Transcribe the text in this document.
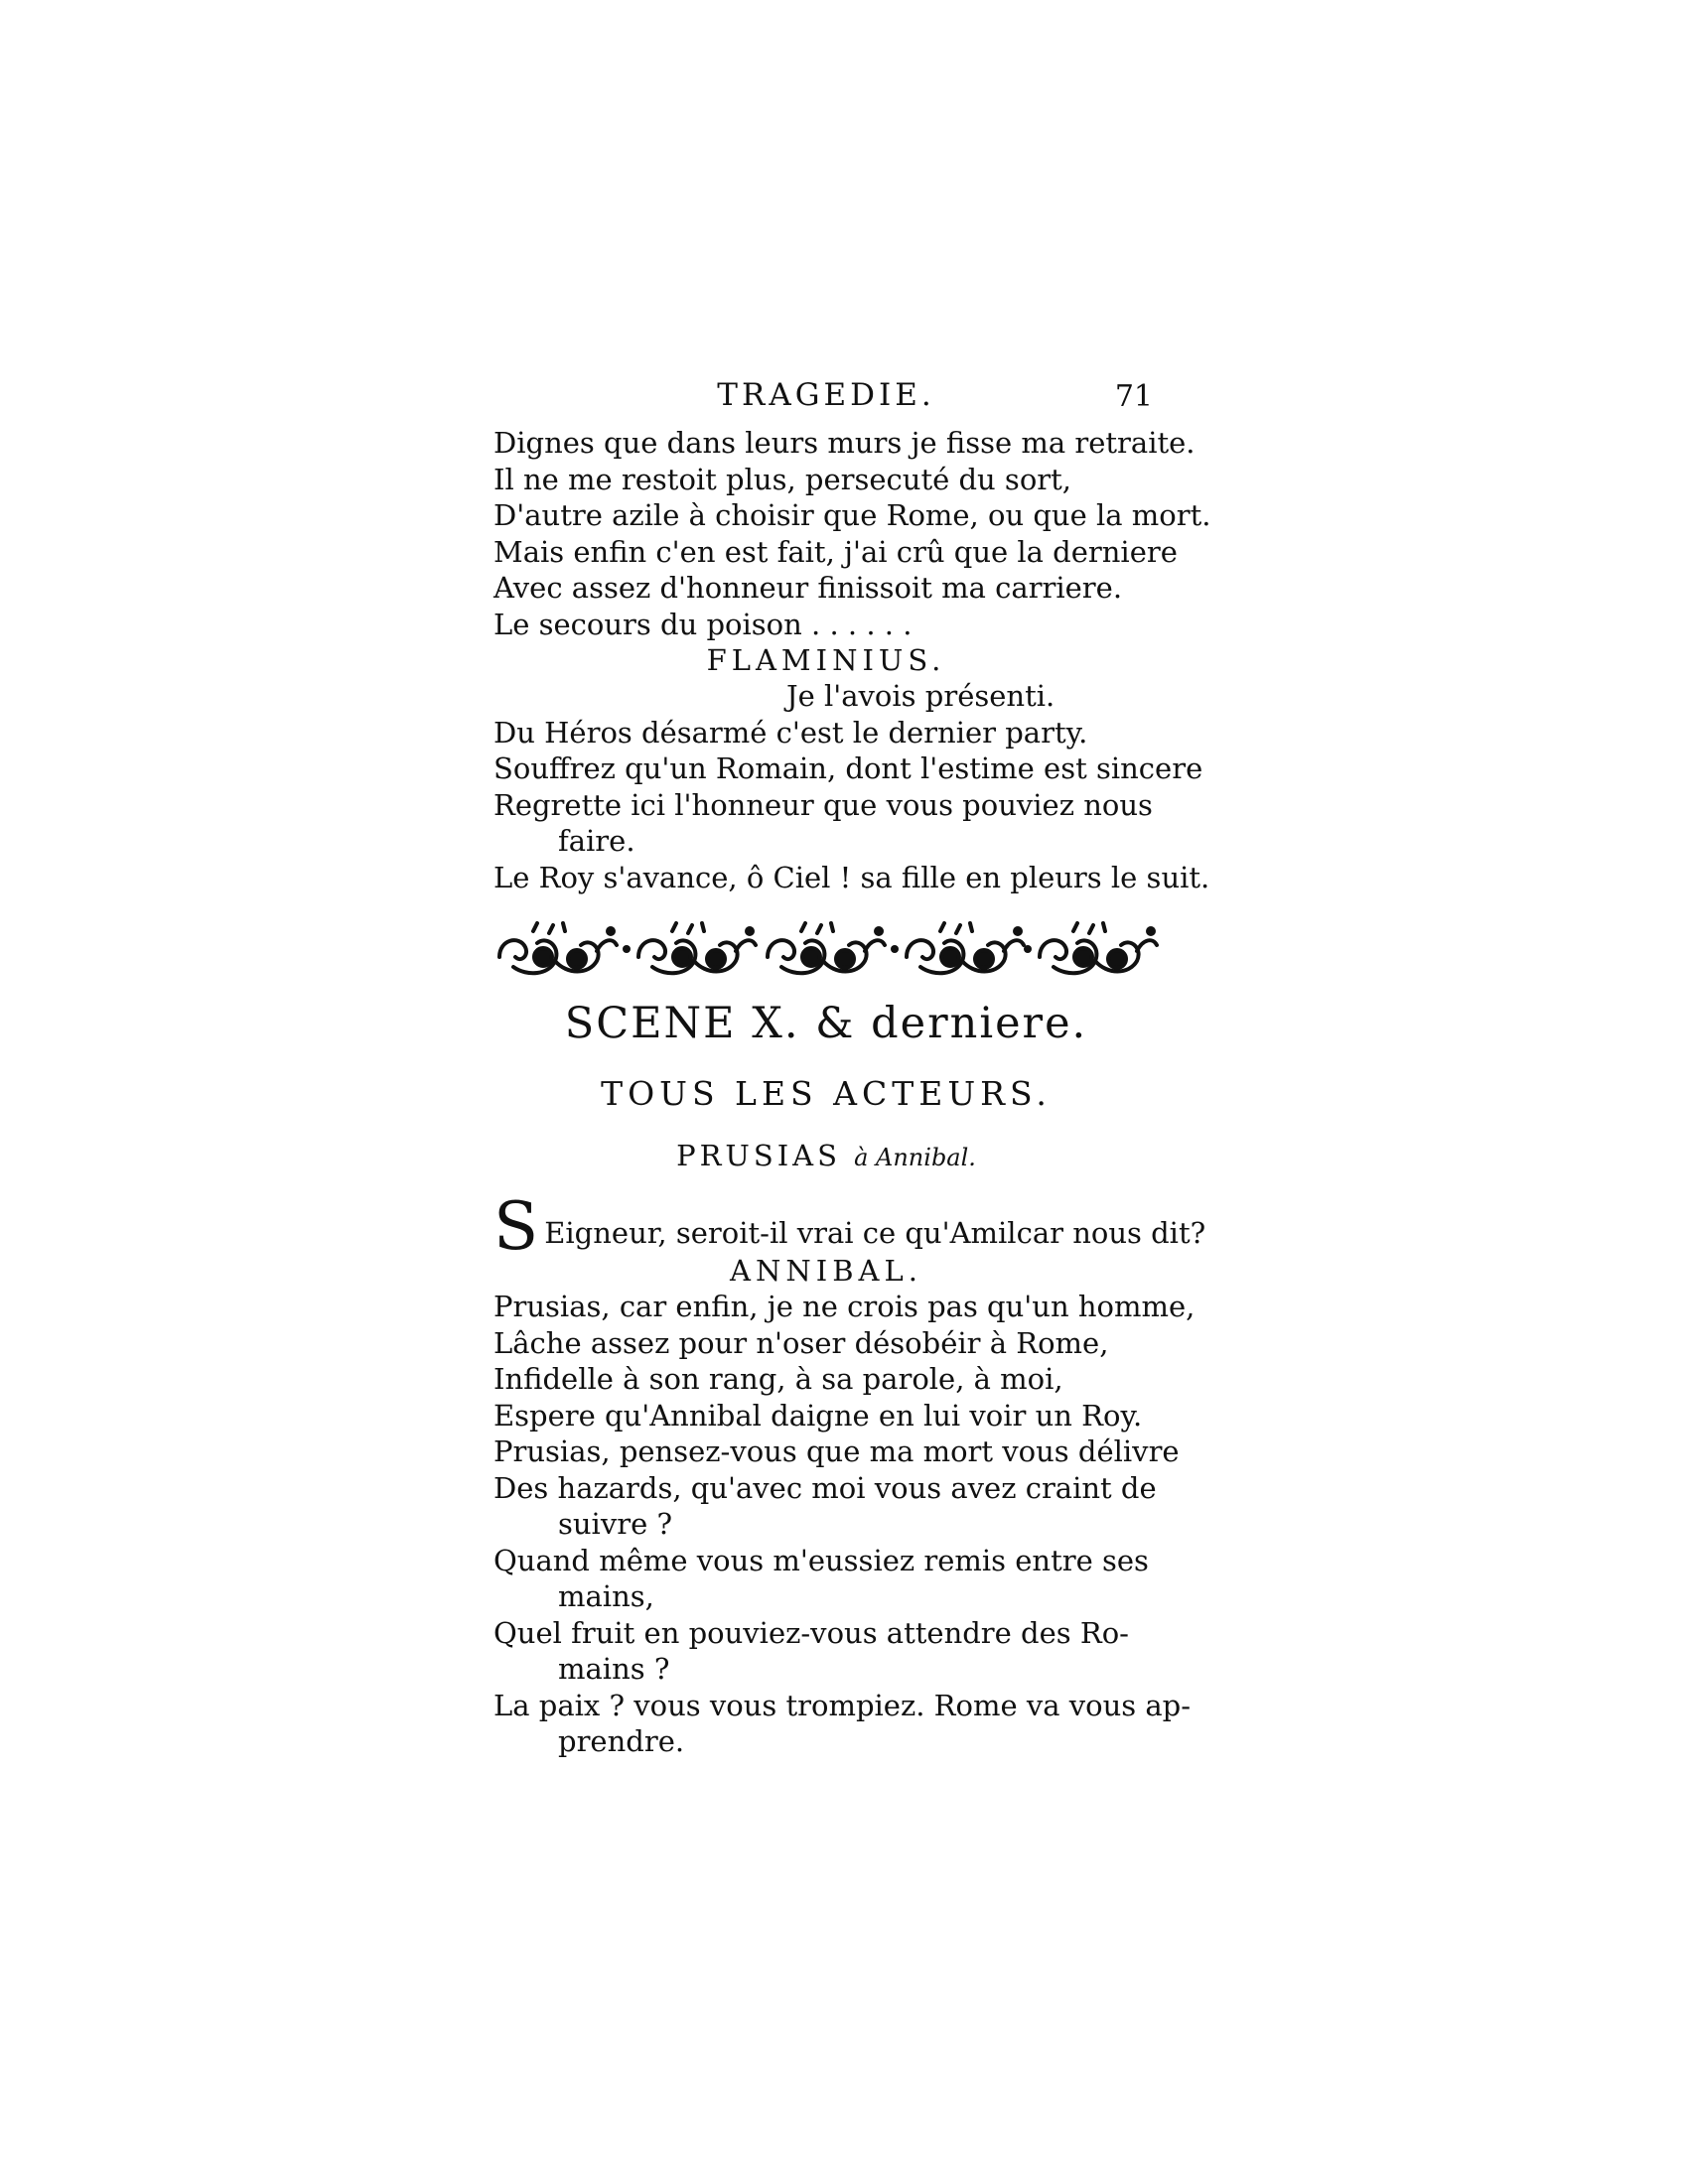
TRAGEDIE.	71
Dignes que dans leurs murs je fisse ma retraite.
Il ne me restoit plus, persecuté du sort,
D'autre azile à choisir que Rome, ou que la mort.
Mais enfin c'en est fait, j'ai crû que la derniere
Avec assez d'honneur finissoit ma carriere.
Le secours du poison . . . . . .
FLAMINIUS.
Je l'avois présenti.
Du Héros désarmé c'est le dernier party.
Souffrez qu'un Romain, dont l'estime est sincere
Regrette ici l'honneur que vous pouviez nous
faire.
Le Roy s'avance, ô Ciel ! sa fille en pleurs le suit.
SCENE X. & derniere.
TOUS LES ACTEURS.
PRUSIAS à Annibal.
S Eigneur, seroit-il vrai ce qu'Amilcar nous dit?
ANNIBAL.
Prusias, car enfin, je ne crois pas qu'un homme,
Lâche assez pour n'oser désobéir à Rome,
Infidelle à son rang, à sa parole, à moi,
Espere qu'Annibal daigne en lui voir un Roy.
Prusias, pensez-vous que ma mort vous délivre
Des hazards, qu'avec moi vous avez craint de
suivre ?
Quand même vous m'eussiez remis entre ses
mains,
Quel fruit en pouviez-vous attendre des Ro-
mains ?
La paix ? vous vous trompiez. Rome va vous ap-
prendre.
